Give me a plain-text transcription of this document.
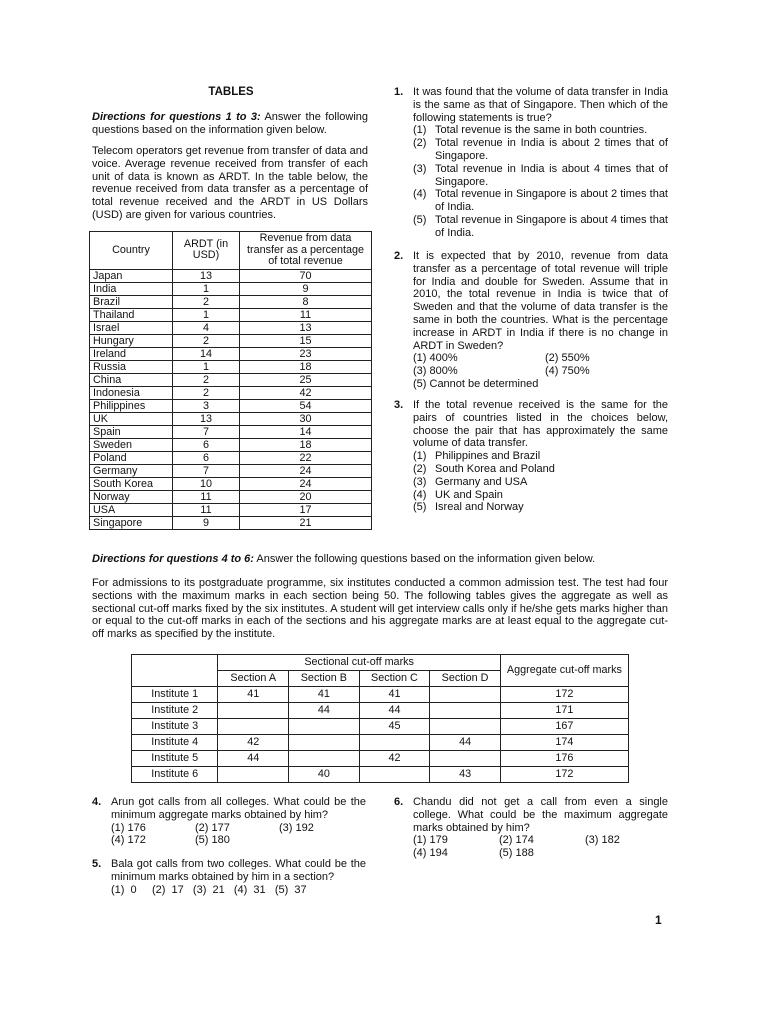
TABLES
Directions for questions 1 to 3: Answer the following questions based on the information given below.
Telecom operators get revenue from transfer of data and voice. Average revenue received from transfer of each unit of data is known as ARDT. In the table below, the revenue received from data transfer as a percentage of total revenue received and the ARDT in US Dollars (USD) are given for various countries.
Country	ARDT (in USD)	Revenue from data transfer as a percentage of total revenue
Japan	13	70
India	1	9
Brazil	2	8
Thailand	1	11
Israel	4	13
Hungary	2	15
Ireland	14	23
Russia	1	18
China	2	25
Indonesia	2	42
Philippines	3	54
UK	13	30
Spain	7	14
Sweden	6	18
Poland	6	22
Germany	7	24
South Korea	10	24
Norway	11	20
USA	11	17
Singapore	9	21
1. It was found that the volume of data transfer in India is the same as that of Singapore. Then which of the following statements is true?
(1) Total revenue is the same in both countries.
(2) Total revenue in India is about 2 times that of Singapore.
(3) Total revenue in India is about 4 times that of Singapore.
(4) Total revenue in Singapore is about 2 times that of India.
(5) Total revenue in Singapore is about 4 times that of India.
2. It is expected that by 2010, revenue from data transfer as a percentage of total revenue will triple for India and double for Sweden. Assume that in 2010, the total revenue in India is twice that of Sweden and that the volume of data transfer is the same in both the countries. What is the percentage increase in ARDT in India if there is no change in ARDT in Sweden?
(1) 400%	(2) 550%
(3) 800%	(4) 750%
(5) Cannot be determined
3. If the total revenue received is the same for the pairs of countries listed in the choices below, choose the pair that has approximately the same volume of data transfer.
(1) Philippines and Brazil
(2) South Korea and Poland
(3) Germany and USA
(4) UK and Spain
(5) Isreal and Norway
Directions for questions 4 to 6: Answer the following questions based on the information given below.
For admissions to its postgraduate programme, six institutes conducted a common admission test. The test had four sections with the maximum marks in each section being 50. The following tables gives the aggregate as well as sectional cut-off marks fixed by the six institutes. A student will get interview calls only if he/she gets marks higher than or equal to the cut-off marks in each of the sections and his aggregate marks are at least equal to the aggregate cut-off marks as specified by the institute.
	Sectional cut-off marks				Aggregate cut-off marks
	Section A	Section B	Section C	Section D	
Institute 1	41	41	41		172
Institute 2		44	44		171
Institute 3			45		167
Institute 4	42			44	174
Institute 5	44		42		176
Institute 6		40		43	172
4. Arun got calls from all colleges. What could be the minimum aggregate marks obtained by him?
(1) 176	(2) 177	(3) 192
(4) 172	(5) 180
5. Bala got calls from two colleges. What could be the minimum marks obtained by him in a section?
(1)  0     (2)  17   (3)  21   (4)  31   (5)  37
6. Chandu did not get a call from even a single college. What could be the maximum aggregate marks obtained by him?
(1) 179	(2) 174	(3) 182
(4) 194	(5) 188
1
